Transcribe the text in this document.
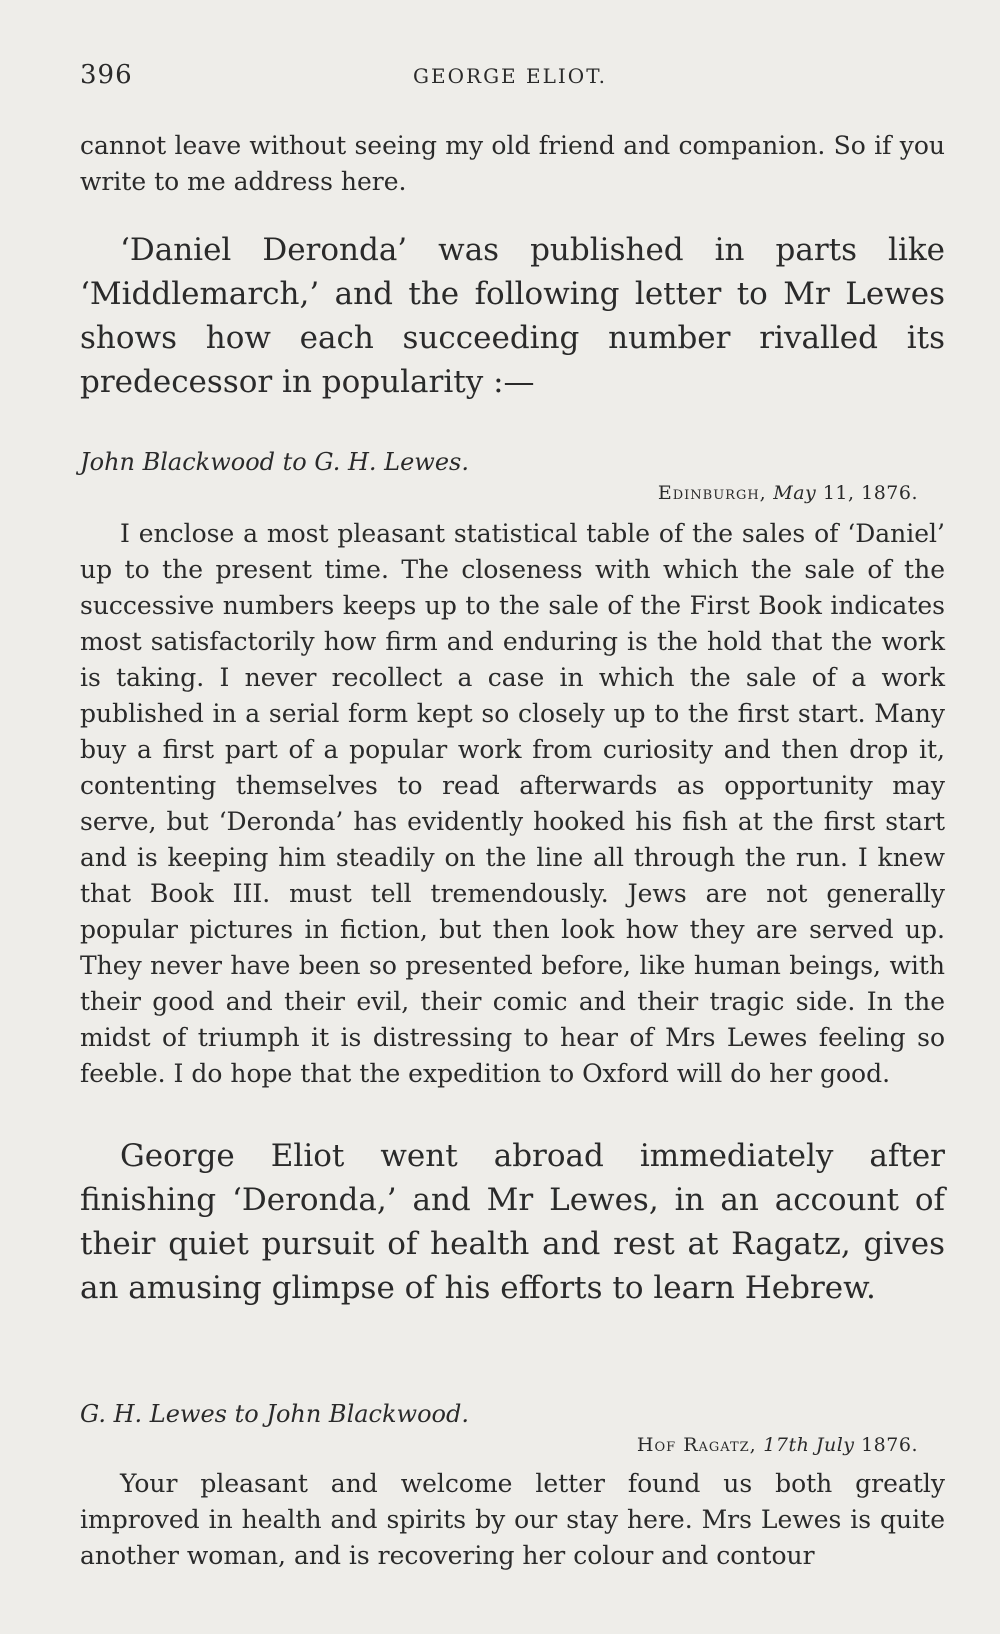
396	GEORGE ELIOT.

cannot leave without seeing my old friend and companion. So if you write to me address here.

‘Daniel Deronda’ was published in parts like ‘Middlemarch,’ and the following letter to Mr Lewes shows how each succeeding number rivalled its predecessor in popularity :—

John Blackwood to G. H. Lewes.
Edinburgh, May 11, 1876.

I enclose a most pleasant statistical table of the sales of ‘Daniel’ up to the present time. The closeness with which the sale of the successive numbers keeps up to the sale of the First Book indicates most satisfactorily how firm and enduring is the hold that the work is taking. I never recollect a case in which the sale of a work published in a serial form kept so closely up to the first start. Many buy a first part of a popular work from curiosity and then drop it, contenting themselves to read afterwards as opportunity may serve, but ‘Deronda’ has evidently hooked his fish at the first start and is keeping him steadily on the line all through the run. I knew that Book III. must tell tremendously. Jews are not generally popular pictures in fiction, but then look how they are served up. They never have been so presented before, like human beings, with their good and their evil, their comic and their tragic side. In the midst of triumph it is distressing to hear of Mrs Lewes feeling so feeble. I do hope that the expedition to Oxford will do her good.

George Eliot went abroad immediately after finishing ‘Deronda,’ and Mr Lewes, in an account of their quiet pursuit of health and rest at Ragatz, gives an amusing glimpse of his efforts to learn Hebrew.

G. H. Lewes to John Blackwood.
Hof Ragatz, 17th July 1876.

Your pleasant and welcome letter found us both greatly improved in health and spirits by our stay here. Mrs Lewes is quite another woman, and is recovering her colour and contour
